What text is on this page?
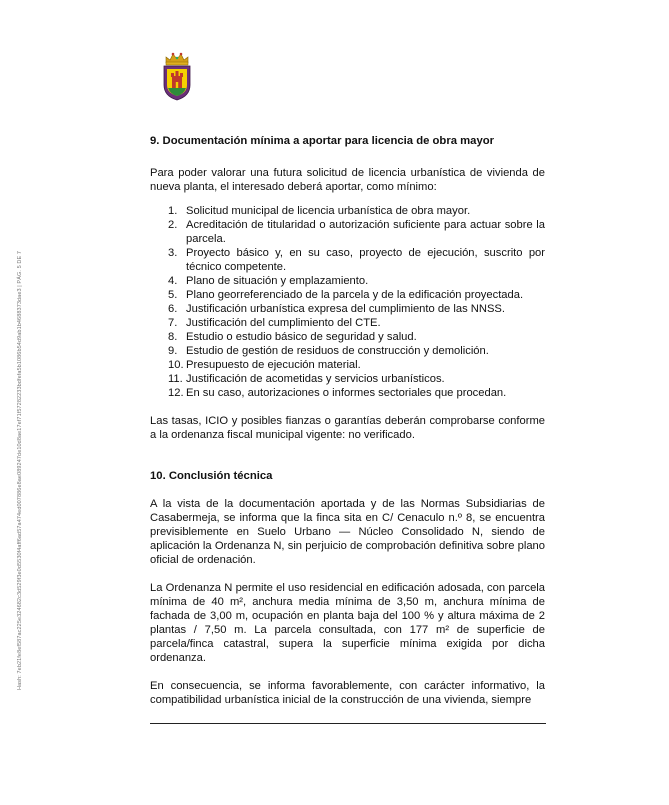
Hash: 7eb21fe8ef587ac225e324682c3d529f3e0d5530f4aff6ad57a474ed007886e8ae089247de10d8ae17ef71f57282233bdfefa5b1086b54d9ab1b4688373dae3 | PÁG. 5 DE 7

9. Documentación mínima a aportar para licencia de obra mayor

Para poder valorar una futura solicitud de licencia urbanística de vivienda de nueva planta, el interesado deberá aportar, como mínimo:

1. Solicitud municipal de licencia urbanística de obra mayor.
2. Acreditación de titularidad o autorización suficiente para actuar sobre la parcela.
3. Proyecto básico y, en su caso, proyecto de ejecución, suscrito por técnico competente.
4. Plano de situación y emplazamiento.
5. Plano georreferenciado de la parcela y de la edificación proyectada.
6. Justificación urbanística expresa del cumplimiento de las NNSS.
7. Justificación del cumplimiento del CTE.
8. Estudio o estudio básico de seguridad y salud.
9. Estudio de gestión de residuos de construcción y demolición.
10. Presupuesto de ejecución material.
11. Justificación de acometidas y servicios urbanísticos.
12. En su caso, autorizaciones o informes sectoriales que procedan.

Las tasas, ICIO y posibles fianzas o garantías deberán comprobarse conforme a la ordenanza fiscal municipal vigente: no verificado.

10. Conclusión técnica

A la vista de la documentación aportada y de las Normas Subsidiarias de Casabermeja, se informa que la finca sita en C/ Cenaculo n.º 8, se encuentra previsiblemente en Suelo Urbano — Núcleo Consolidado N, siendo de aplicación la Ordenanza N, sin perjuicio de comprobación definitiva sobre plano oficial de ordenación.

La Ordenanza N permite el uso residencial en edificación adosada, con parcela mínima de 40 m², anchura media mínima de 3,50 m, anchura mínima de fachada de 3,00 m, ocupación en planta baja del 100 % y altura máxima de 2 plantas / 7,50 m. La parcela consultada, con 177 m² de superficie de parcela/finca catastral, supera la superficie mínima exigida por dicha ordenanza.

En consecuencia, se informa favorablemente, con carácter informativo, la compatibilidad urbanística inicial de la construcción de una vivienda, siempre
